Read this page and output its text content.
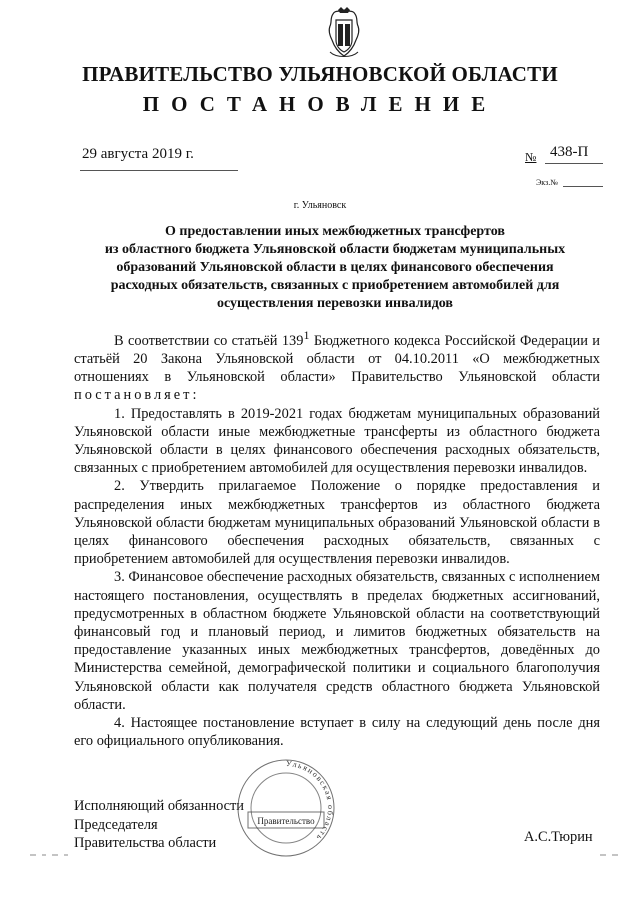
ПРАВИТЕЛЬСТВО УЛЬЯНОВСКОЙ ОБЛАСТИ
ПОСТАНОВЛЕНИЕ
29 августа 2019 г.	№ 438-П
Экз.№
г. Ульяновск
О предоставлении иных межбюджетных трансфертов
из областного бюджета Ульяновской области бюджетам муниципальных
образований Ульяновской области в целях финансового обеспечения
расходных обязательств, связанных с приобретением автомобилей для
осуществления перевозки инвалидов

В соответствии со статьёй $139^1$ Бюджетного кодекса Российской Федерации и статьёй 20 Закона Ульяновской области от 04.10.2011 «О межбюджетных отношениях в Ульяновской области» Правительство Ульяновской области постановляет:

1. Предоставлять в 2019-2021 годах бюджетам муниципальных образований Ульяновской области иные межбюджетные трансферты из областного бюджета Ульяновской области в целях финансового обеспечения расходных обязательств, связанных с приобретением автомобилей для осуществления перевозки инвалидов.

2. Утвердить прилагаемое Положение о порядке предоставления и распределения иных межбюджетных трансфертов из областного бюджета Ульяновской области бюджетам муниципальных образований Ульяновской области в целях финансового обеспечения расходных обязательств, связанных с приобретением автомобилей для осуществления перевозки инвалидов.

3. Финансовое обеспечение расходных обязательств, связанных с исполнением настоящего постановления, осуществлять в пределах бюджетных ассигнований, предусмотренных в областном бюджете Ульяновской области на соответствующий финансовый год и плановый период, и лимитов бюджетных обязательств на предоставление указанных иных межбюджетных трансфертов, доведённых до Министерства семейной, демографической политики и социального благополучия Ульяновской области как получателя средств областного бюджета Ульяновской области.

4. Настоящее постановление вступает в силу на следующий день после дня его официального опубликования.

Исполняющий обязанности
Председателя
Правительства области
Ульяновская область
Правительство
А.С.Тюрин
